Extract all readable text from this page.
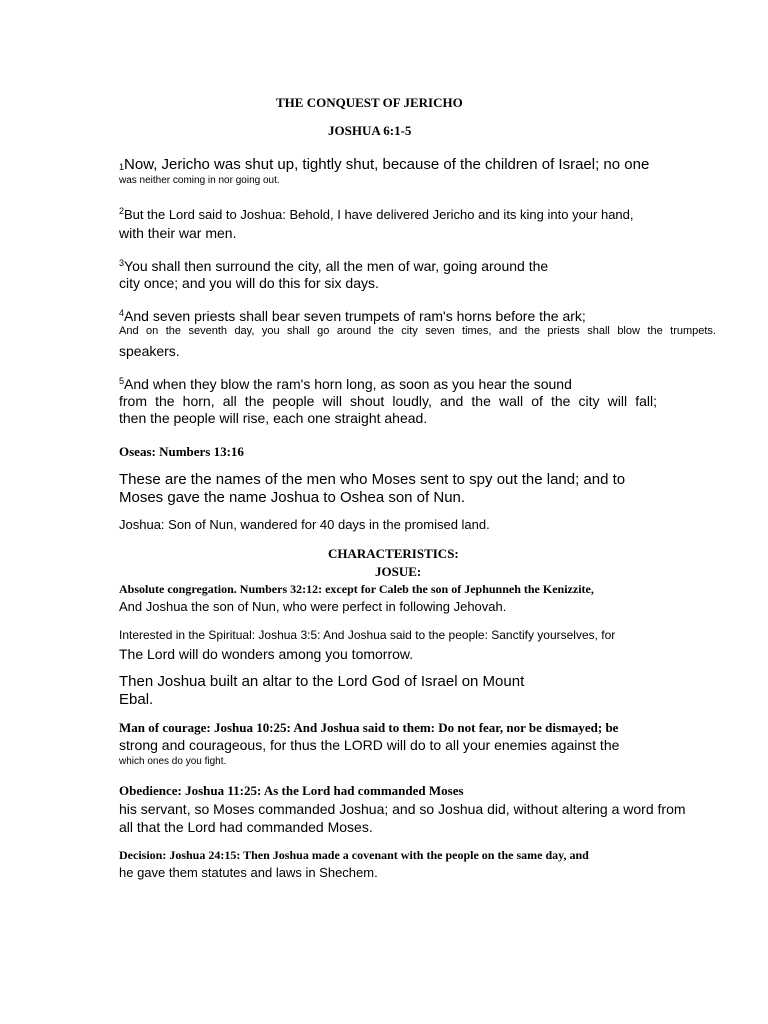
THE CONQUEST OF JERICHO
JOSHUA 6:1-5
$_1$Now, Jericho was shut up, tightly shut, because of the children of Israel; no one
was neither coming in nor going out.
$^2$But the Lord said to Joshua: Behold, I have delivered Jericho and its king into your hand,
with their war men.
$^3$You shall then surround the city, all the men of war, going around the
city once; and you will do this for six days.
$^4$And seven priests shall bear seven trumpets of ram's horns before the ark;
And on the seventh day, you shall go around the city seven times, and the priests shall blow the trumpets.
speakers.
$^5$And when they blow the ram's horn long, as soon as you hear the sound
from the horn, all the people will shout loudly, and the wall of the city will fall;
then the people will rise, each one straight ahead.
Oseas: Numbers 13:16
These are the names of the men who Moses sent to spy out the land; and to
Moses gave the name Joshua to Oshea son of Nun.
Joshua: Son of Nun, wandered for 40 days in the promised land.
CHARACTERISTICS:
JOSUE:
Absolute congregation. Numbers 32:12: except for Caleb the son of Jephunneh the Kenizzite,
And Joshua the son of Nun, who were perfect in following Jehovah.
Interested in the Spiritual: Joshua 3:5: And Joshua said to the people: Sanctify yourselves, for
The Lord will do wonders among you tomorrow.
Then Joshua built an altar to the Lord God of Israel on Mount
Ebal.
Man of courage: Joshua 10:25: And Joshua said to them: Do not fear, nor be dismayed; be
strong and courageous, for thus the LORD will do to all your enemies against the
which ones do you fight.
Obedience: Joshua 11:25: As the Lord had commanded Moses
his servant, so Moses commanded Joshua; and so Joshua did, without altering a word from
all that the Lord had commanded Moses.
Decision: Joshua 24:15: Then Joshua made a covenant with the people on the same day, and
he gave them statutes and laws in Shechem.
